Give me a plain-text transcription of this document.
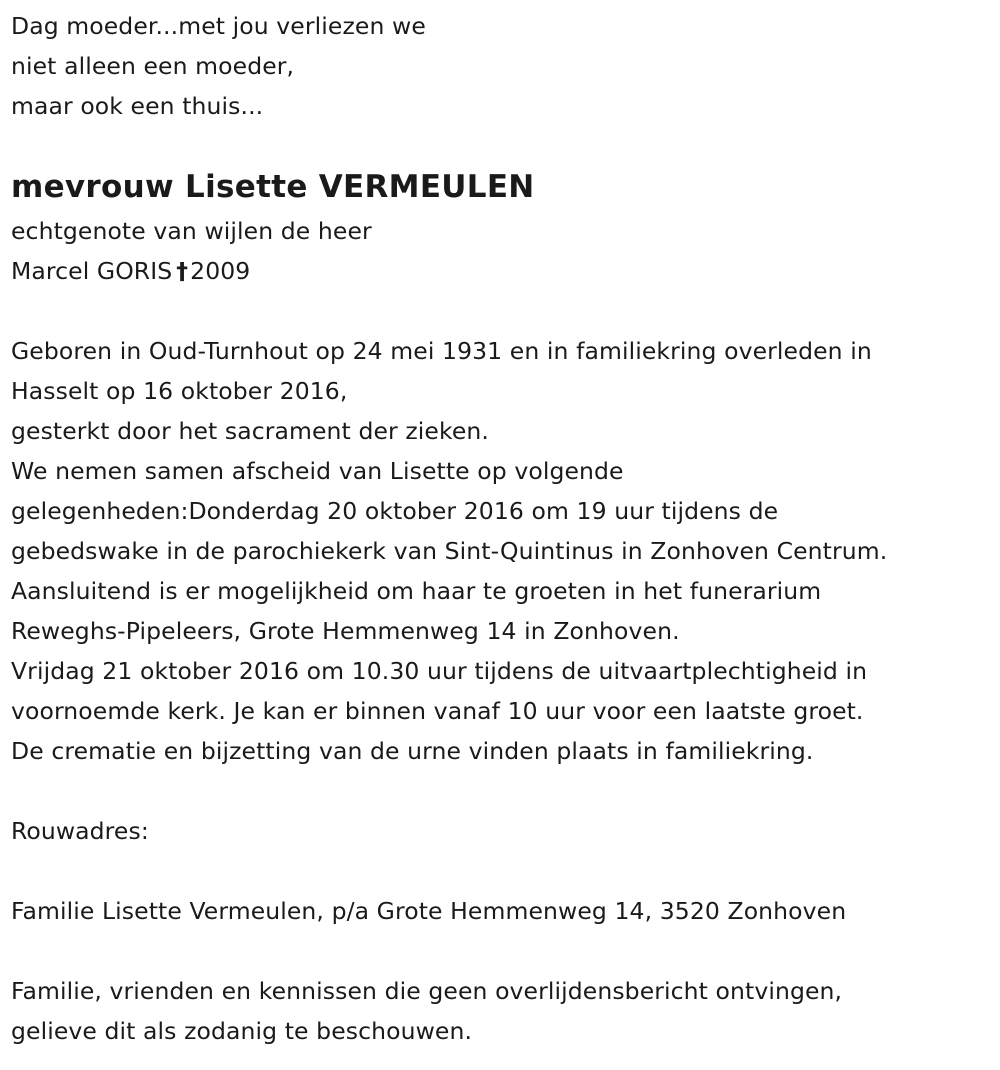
Dag moeder...met jou verliezen we
niet alleen een moeder,
maar ook een thuis...
mevrouw Lisette VERMEULEN
echtgenote van wijlen de heer
Marcel GORIS †2009
Geboren in Oud-Turnhout op 24 mei 1931 en in familiekring overleden in
Hasselt op 16 oktober 2016,
gesterkt door het sacrament der zieken.
We nemen samen afscheid van Lisette op volgende
gelegenheden:Donderdag 20 oktober 2016 om 19 uur tijdens de
gebedswake in de parochiekerk van Sint-Quintinus in Zonhoven Centrum.
Aansluitend is er mogelijkheid om haar te groeten in het funerarium
Reweghs-Pipeleers, Grote Hemmenweg 14 in Zonhoven.
Vrijdag 21 oktober 2016 om 10.30 uur tijdens de uitvaartplechtigheid in
voornoemde kerk. Je kan er binnen vanaf 10 uur voor een laatste groet.
De crematie en bijzetting van de urne vinden plaats in familiekring.
Rouwadres:
Familie Lisette Vermeulen, p/a Grote Hemmenweg 14, 3520 Zonhoven
Familie, vrienden en kennissen die geen overlijdensbericht ontvingen,
gelieve dit als zodanig te beschouwen.
